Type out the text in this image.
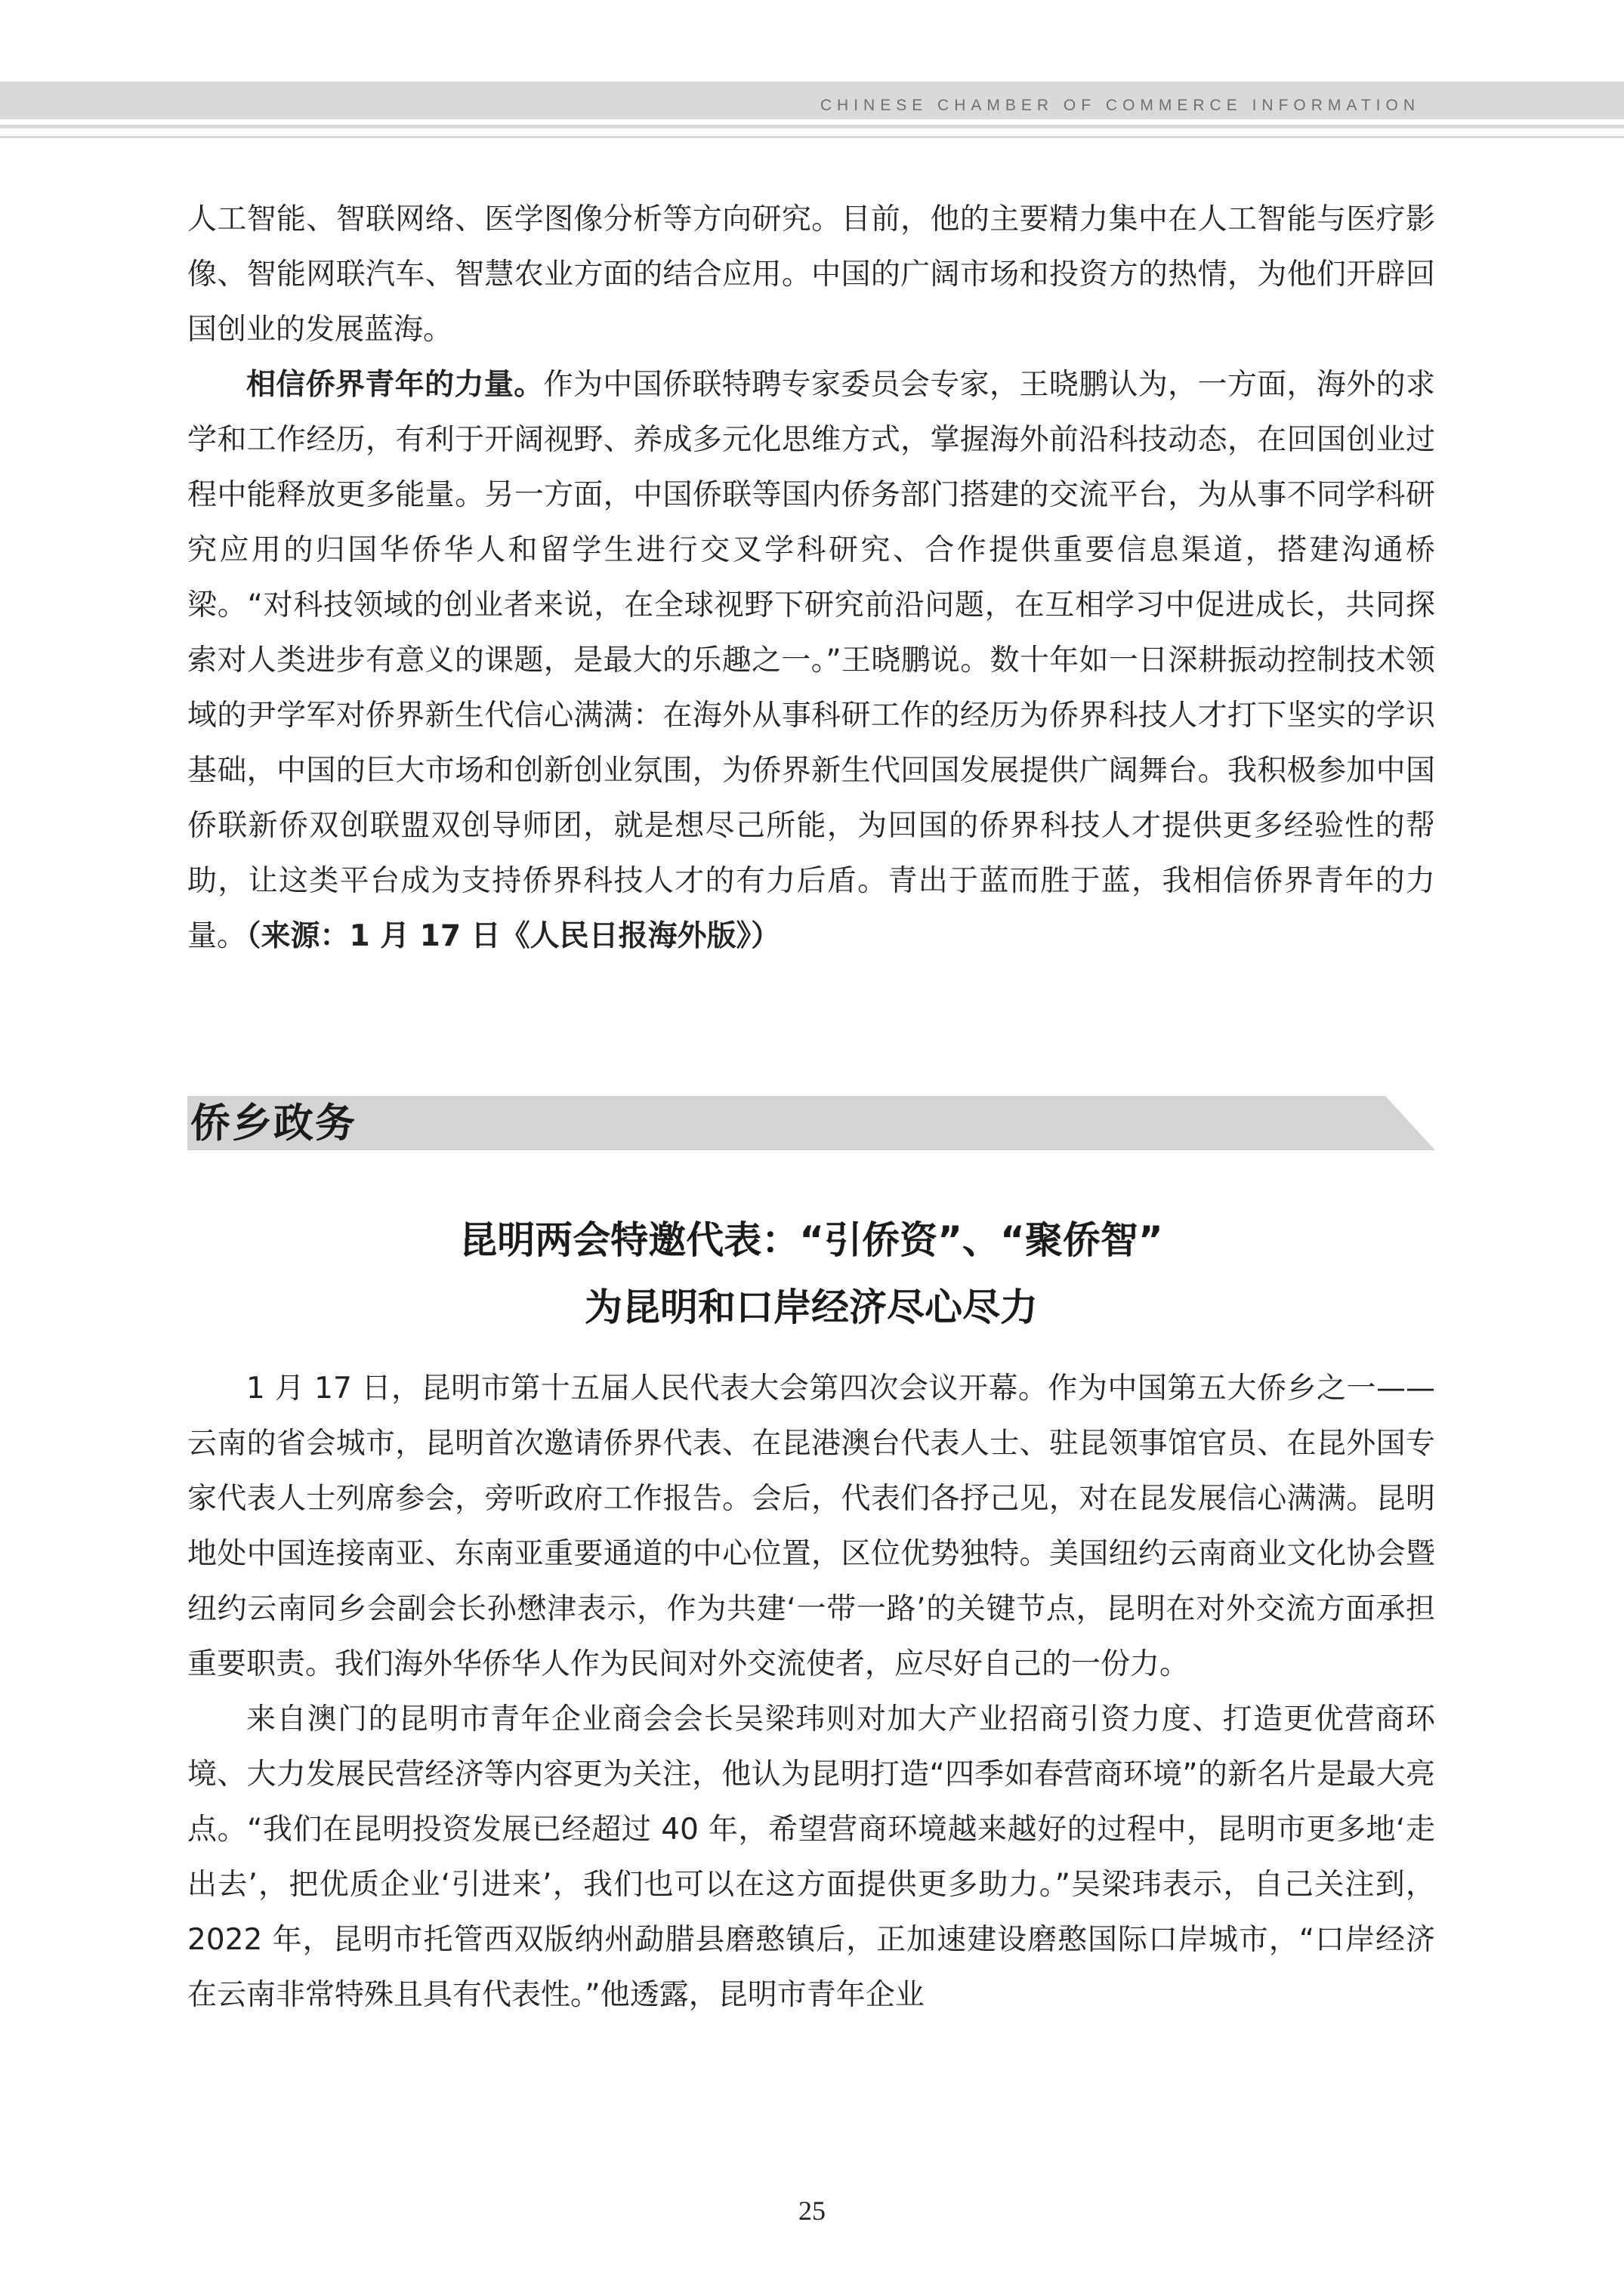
CHINESE CHAMBER OF COMMERCE INFORMATION

人工智能、智联网络、医学图像分析等方向研究。目前，他的主要精力集中在人工智能与医疗影像、智能网联汽车、智慧农业方面的结合应用。中国的广阔市场和投资方的热情，为他们开辟回国创业的发展蓝海。

相信侨界青年的力量。作为中国侨联特聘专家委员会专家，王晓鹏认为，一方面，海外的求学和工作经历，有利于开阔视野、养成多元化思维方式，掌握海外前沿科技动态，在回国创业过程中能释放更多能量。另一方面，中国侨联等国内侨务部门搭建的交流平台，为从事不同学科研究应用的归国华侨华人和留学生进行交叉学科研究、合作提供重要信息渠道，搭建沟通桥梁。“对科技领域的创业者来说，在全球视野下研究前沿问题，在互相学习中促进成长，共同探索对人类进步有意义的课题，是最大的乐趣之一。”王晓鹏说。数十年如一日深耕振动控制技术领域的尹学军对侨界新生代信心满满：在海外从事科研工作的经历为侨界科技人才打下坚实的学识基础，中国的巨大市场和创新创业氛围，为侨界新生代回国发展提供广阔舞台。我积极参加中国侨联新侨双创联盟双创导师团，就是想尽己所能，为回国的侨界科技人才提供更多经验性的帮助，让这类平台成为支持侨界科技人才的有力后盾。青出于蓝而胜于蓝，我相信侨界青年的力量。（来源：1 月 17 日《人民日报海外版》）

侨乡政务
昆明两会特邀代表：“引侨资”、“聚侨智”
为昆明和口岸经济尽心尽力

1 月 17 日，昆明市第十五届人民代表大会第四次会议开幕。作为中国第五大侨乡之一——云南的省会城市，昆明首次邀请侨界代表、在昆港澳台代表人士、驻昆领事馆官员、在昆外国专家代表人士列席参会，旁听政府工作报告。会后，代表们各抒己见，对在昆发展信心满满。昆明地处中国连接南亚、东南亚重要通道的中心位置，区位优势独特。美国纽约云南商业文化协会暨纽约云南同乡会副会长孙懋津表示，作为共建‘一带一路’的关键节点，昆明在对外交流方面承担重要职责。我们海外华侨华人作为民间对外交流使者，应尽好自己的一份力。

来自澳门的昆明市青年企业商会会长吴梁玮则对加大产业招商引资力度、打造更优营商环境、大力发展民营经济等内容更为关注，他认为昆明打造“四季如春营商环境”的新名片是最大亮点。“我们在昆明投资发展已经超过 40 年，希望营商环境越来越好的过程中，昆明市更多地‘走出去’，把优质企业‘引进来’，我们也可以在这方面提供更多助力。”吴梁玮表示，自己关注到，2022 年，昆明市托管西双版纳州勐腊县磨憨镇后，正加速建设磨憨国际口岸城市，“口岸经济在云南非常特殊且具有代表性。”他透露，昆明市青年企业

25
